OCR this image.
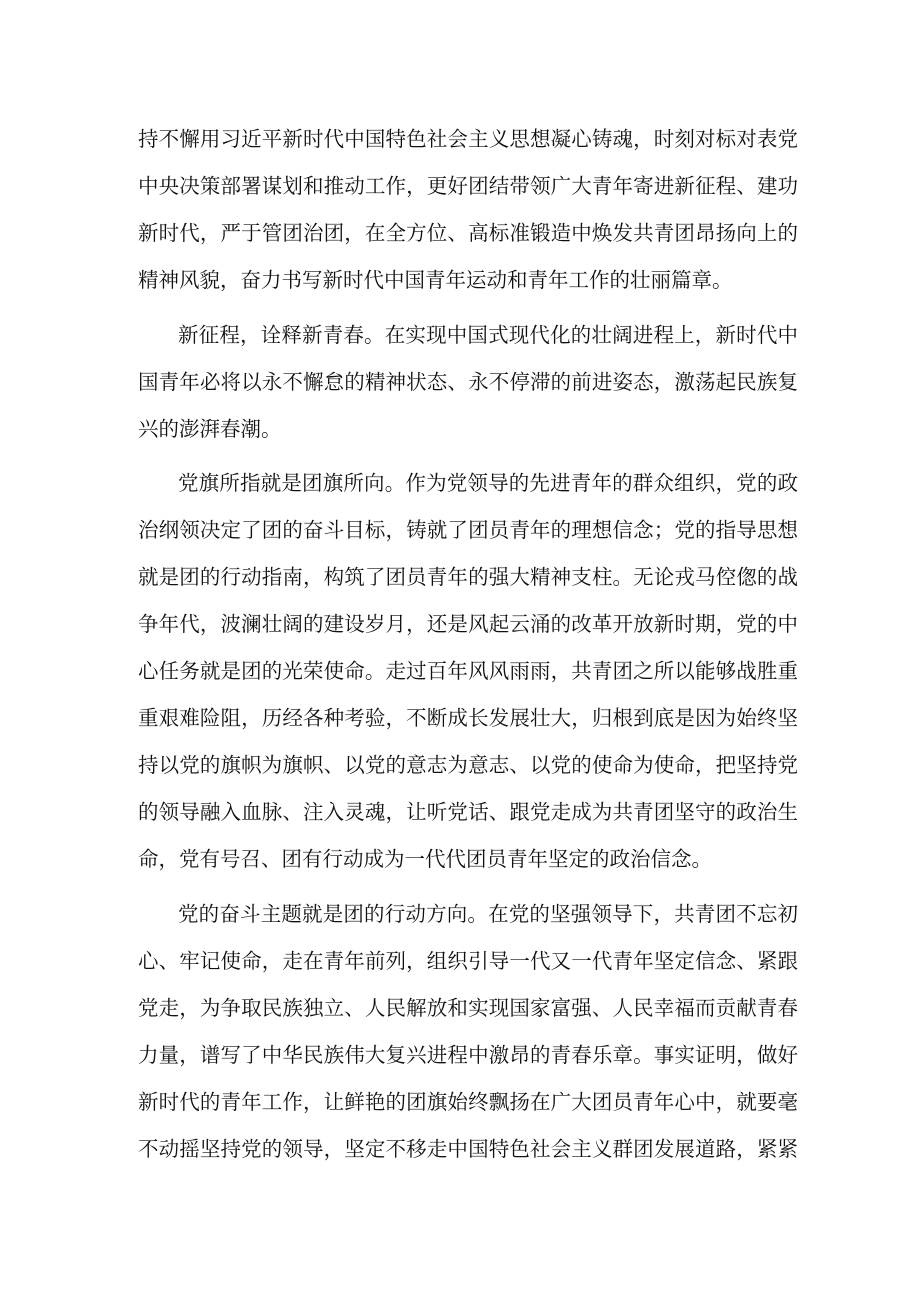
持不懈用习近平新时代中国特色社会主义思想凝心铸魂，时刻对标对表党

中央决策部署谋划和推动工作，更好团结带领广大青年寄进新征程、建功

新时代，严于管团治团，在全方位、高标准锻造中焕发共青团昂扬向上的

精神风貌，奋力书写新时代中国青年运动和青年工作的壮丽篇章。

新征程，诠释新青春。在实现中国式现代化的壮阔进程上，新时代中

国青年必将以永不懈怠的精神状态、永不停滞的前进姿态，激荡起民族复

兴的澎湃春潮。

党旗所指就是团旗所向。作为党领导的先进青年的群众组织，党的政

治纲领决定了团的奋斗目标，铸就了团员青年的理想信念；党的指导思想

就是团的行动指南，构筑了团员青年的强大精神支柱。无论戎马倥偬的战

争年代，波澜壮阔的建设岁月，还是风起云涌的改革开放新时期，党的中

心任务就是团的光荣使命。走过百年风风雨雨，共青团之所以能够战胜重

重艰难险阻，历经各种考验，不断成长发展壮大，归根到底是因为始终坚

持以党的旗帜为旗帜、以党的意志为意志、以党的使命为使命，把坚持党

的领导融入血脉、注入灵魂，让听党话、跟党走成为共青团坚守的政治生

命，党有号召、团有行动成为一代代团员青年坚定的政治信念。

党的奋斗主题就是团的行动方向。在党的坚强领导下，共青团不忘初

心、牢记使命，走在青年前列，组织引导一代又一代青年坚定信念、紧跟

党走，为争取民族独立、人民解放和实现国家富强、人民幸福而贡献青春

力量，谱写了中华民族伟大复兴进程中激昂的青春乐章。事实证明，做好

新时代的青年工作，让鲜艳的团旗始终飘扬在广大团员青年心中，就要毫

不动摇坚持党的领导，坚定不移走中国特色社会主义群团发展道路，紧紧
